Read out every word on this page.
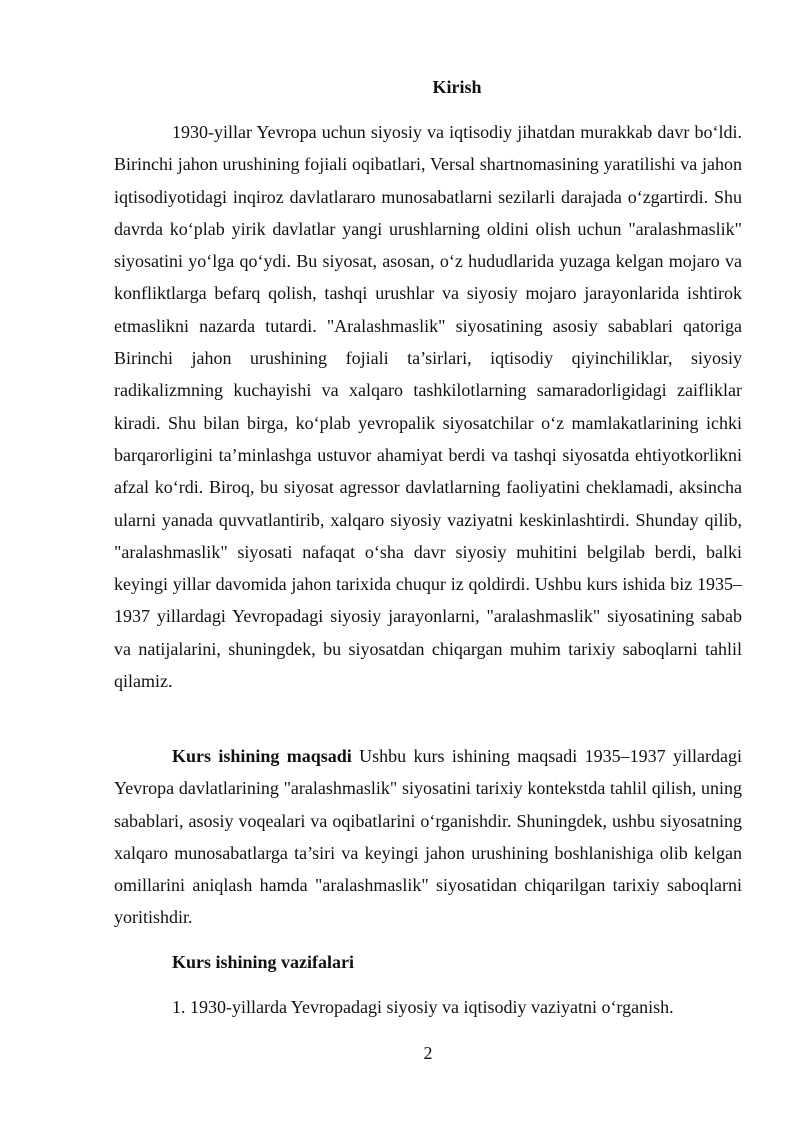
Kirish

1930-yillar Yevropa uchun siyosiy va iqtisodiy jihatdan murakkab davr bo‘ldi. Birinchi jahon urushining fojiali oqibatlari, Versal shartnomasining yaratilishi va jahon iqtisodiyotidagi inqiroz davlatlararo munosabatlarni sezilarli darajada o‘zgartirdi. Shu davrda ko‘plab yirik davlatlar yangi urushlarning oldini olish uchun "aralashmaslik" siyosatini yo‘lga qo‘ydi. Bu siyosat, asosan, o‘z hududlarida yuzaga kelgan mojaro va konfliktlarga befarq qolish, tashqi urushlar va siyosiy mojaro jarayonlarida ishtirok etmaslikni nazarda tutardi. "Aralashmaslik" siyosatining asosiy sabablari qatoriga Birinchi jahon urushining fojiali ta’sirlari, iqtisodiy qiyinchiliklar, siyosiy radikalizmning kuchayishi va xalqaro tashkilotlarning samaradorligidagi zaifliklar kiradi. Shu bilan birga, ko‘plab yevropalik siyosatchilar o‘z mamlakatlarining ichki barqarorligini ta’minlashga ustuvor ahamiyat berdi va tashqi siyosatda ehtiyotkorlikni afzal ko‘rdi. Biroq, bu siyosat agressor davlatlarning faoliyatini cheklamadi, aksincha ularni yanada quvvatlantirib, xalqaro siyosiy vaziyatni keskinlashtirdi. Shunday qilib, "aralashmaslik" siyosati nafaqat o‘sha davr siyosiy muhitini belgilab berdi, balki keyingi yillar davomida jahon tarixida chuqur iz qoldirdi. Ushbu kurs ishida biz 1935–1937 yillardagi Yevropadagi siyosiy jarayonlarni, "aralashmaslik" siyosatining sabab va natijalarini, shuningdek, bu siyosatdan chiqargan muhim tarixiy saboqlarni tahlil qilamiz.

Kurs ishining maqsadi Ushbu kurs ishining maqsadi 1935–1937 yillardagi Yevropa davlatlarining "aralashmaslik" siyosatini tarixiy kontekstda tahlil qilish, uning sabablari, asosiy voqealari va oqibatlarini o‘rganishdir. Shuningdek, ushbu siyosatning xalqaro munosabatlarga ta’siri va keyingi jahon urushining boshlanishiga olib kelgan omillarini aniqlash hamda "aralashmaslik" siyosatidan chiqarilgan tarixiy saboqlarni yoritishdir.

Kurs ishining vazifalari

1. 1930-yillarda Yevropadagi siyosiy va iqtisodiy vaziyatni o‘rganish.

2
